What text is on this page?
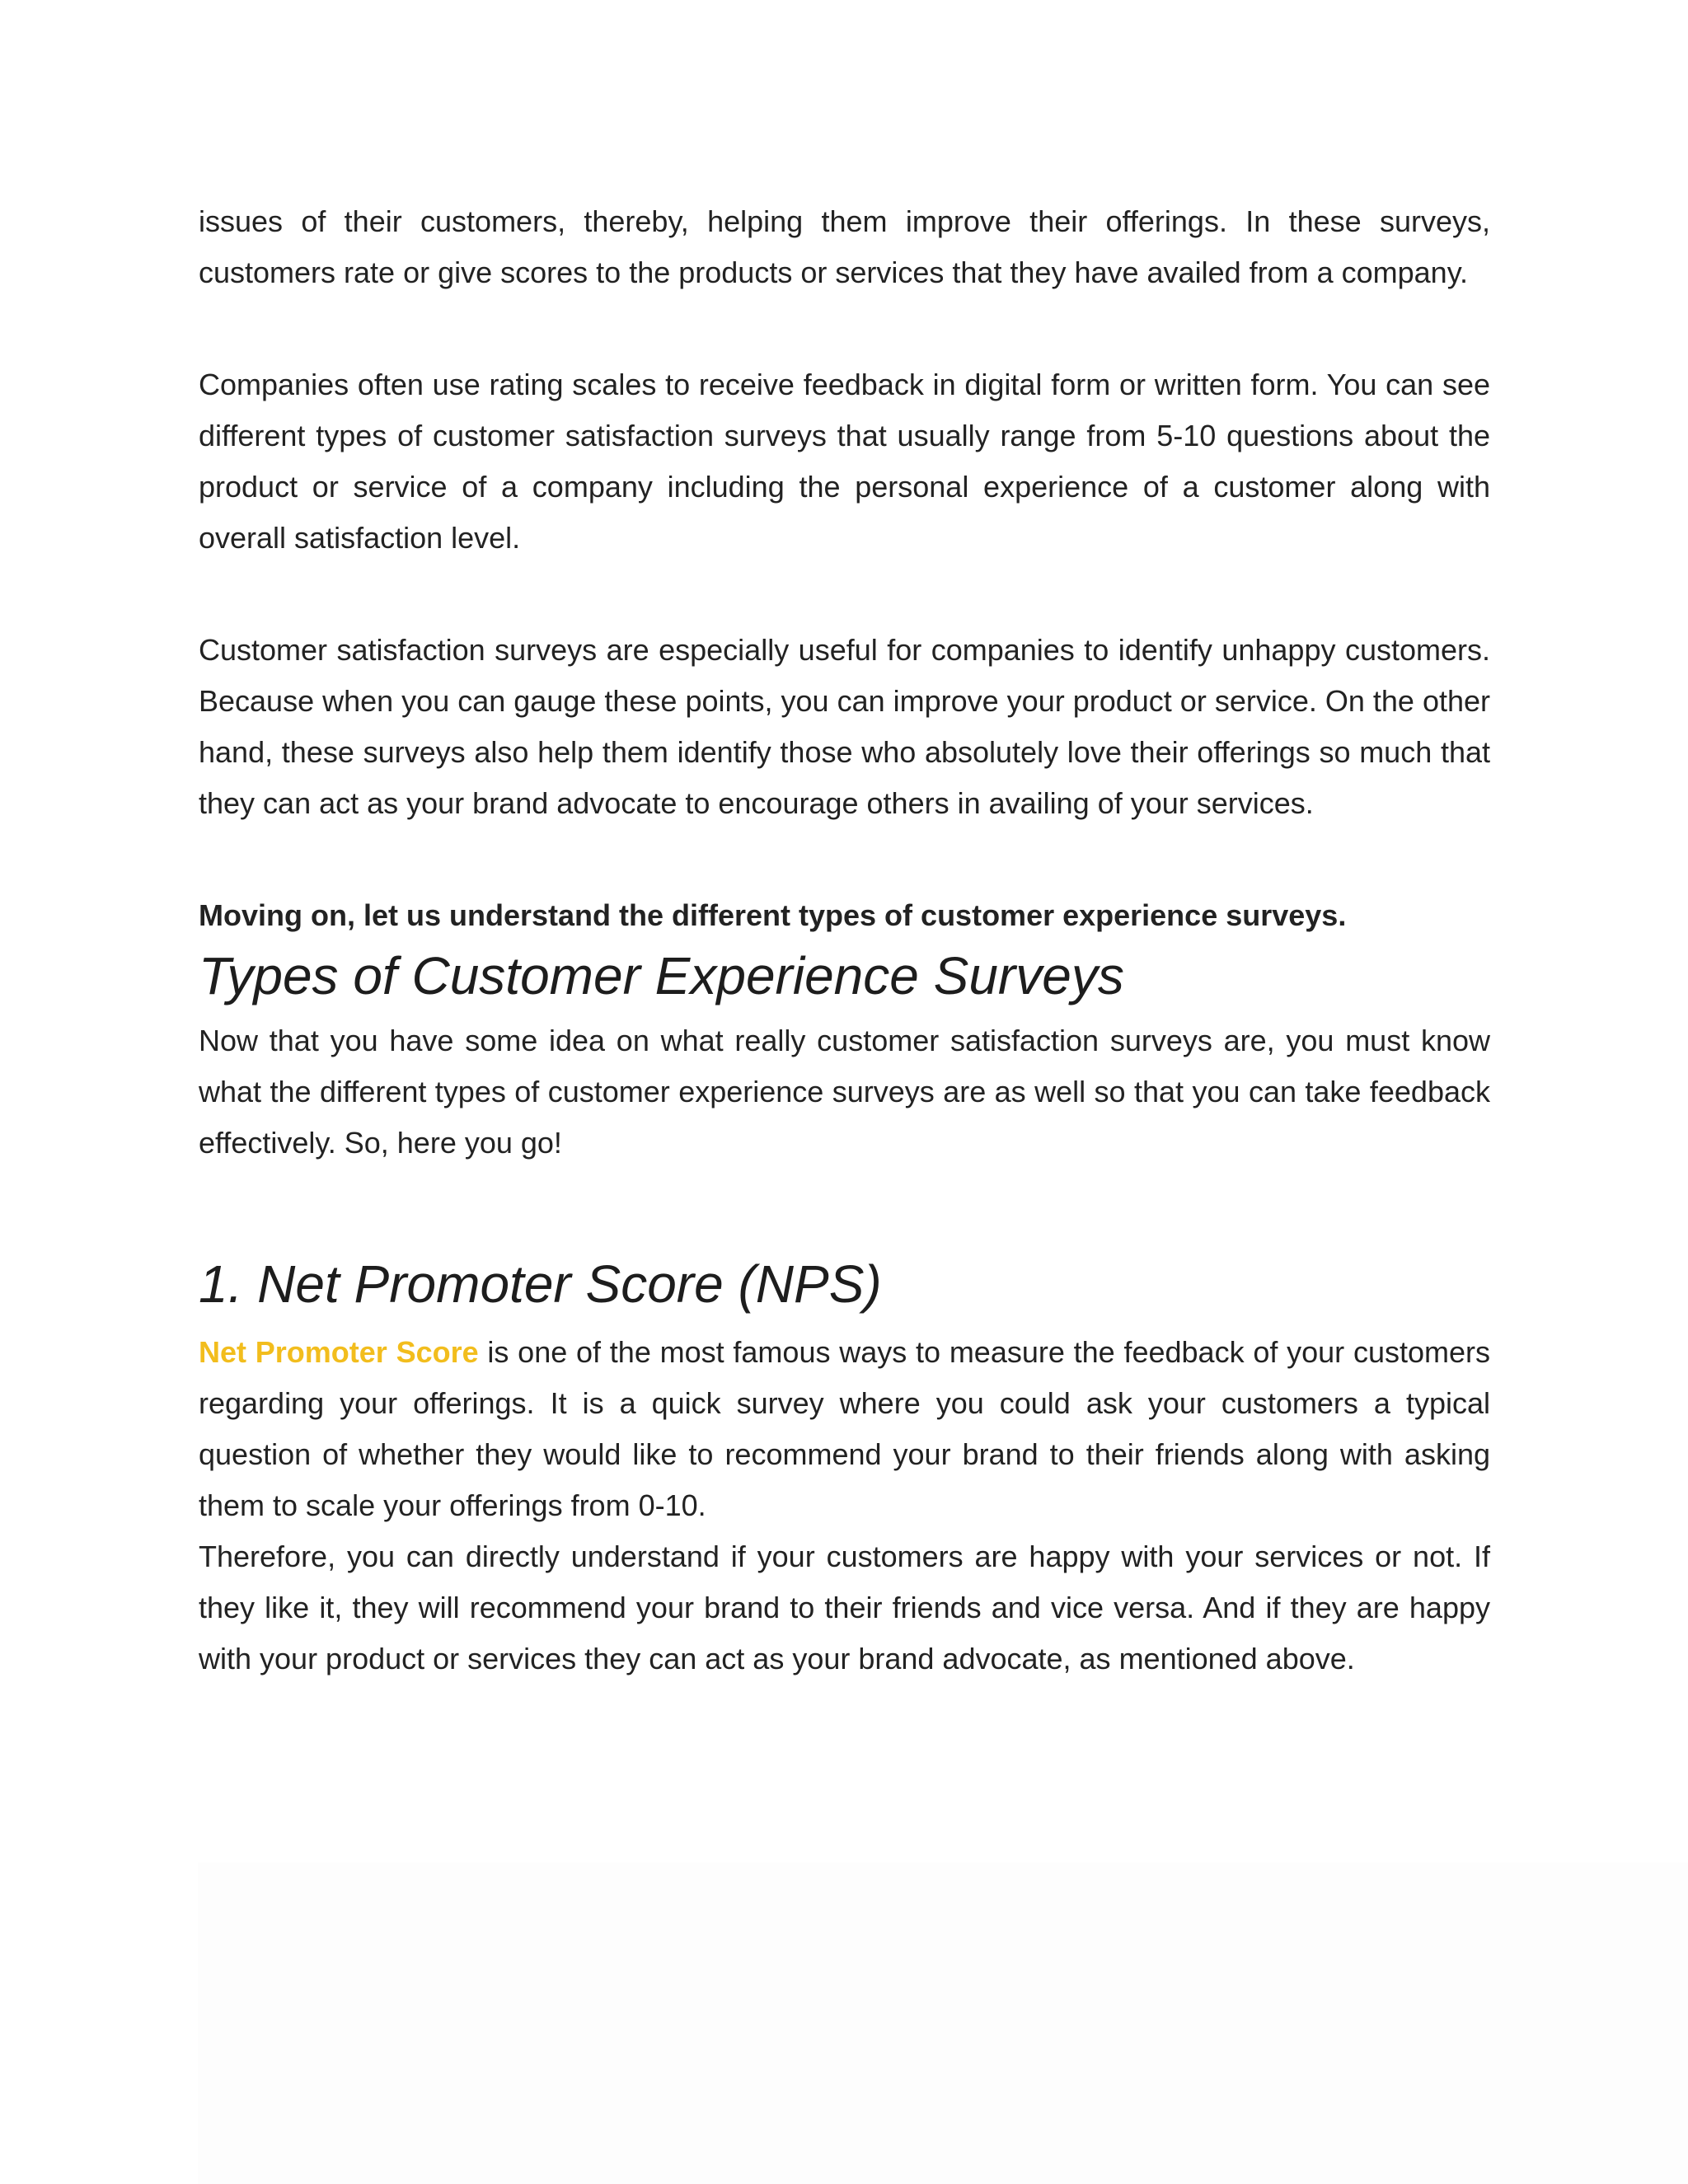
issues of their customers, thereby, helping them improve their offerings. In these surveys, customers rate or give scores to the products or services that they have availed from a company.

Companies often use rating scales to receive feedback in digital form or written form. You can see different types of customer satisfaction surveys that usually range from 5-10 questions about the product or service of a company including the personal experience of a customer along with overall satisfaction level.

Customer satisfaction surveys are especially useful for companies to identify unhappy customers. Because when you can gauge these points, you can improve your product or service. On the other hand, these surveys also help them identify those who absolutely love their offerings so much that they can act as your brand advocate to encourage others in availing of your services.

Moving on, let us understand the different types of customer experience surveys.

Types of Customer Experience Surveys

Now that you have some idea on what really customer satisfaction surveys are, you must know what the different types of customer experience surveys are as well so that you can take feedback effectively. So, here you go!

1. Net Promoter Score (NPS)

Net Promoter Score is one of the most famous ways to measure the feedback of your customers regarding your offerings. It is a quick survey where you could ask your customers a typical question of whether they would like to recommend your brand to their friends along with asking them to scale your offerings from 0-10.

Therefore, you can directly understand if your customers are happy with your services or not. If they like it, they will recommend your brand to their friends and vice versa. And if they are happy with your product or services they can act as your brand advocate, as mentioned above.
